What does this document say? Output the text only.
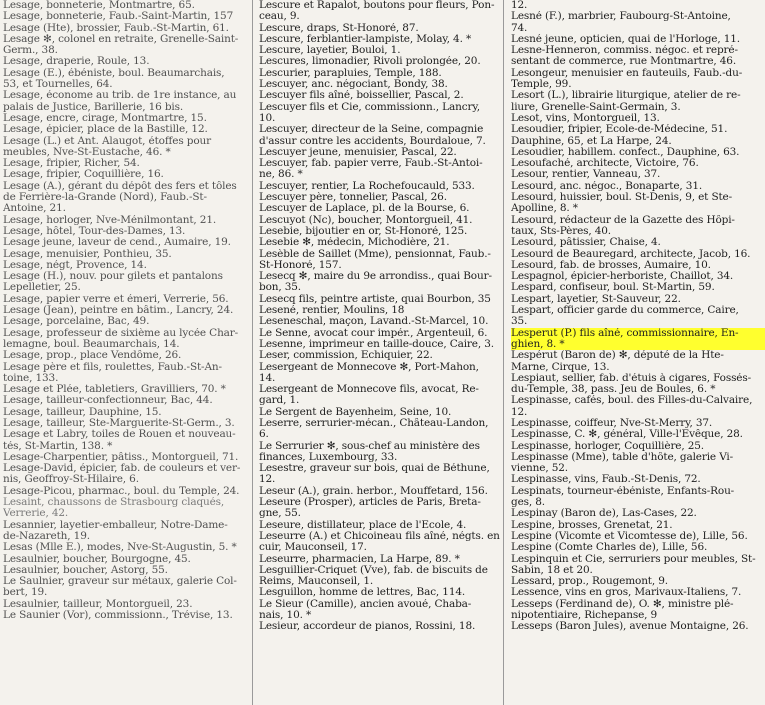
Lesage, bonneterie, Montmartre, 65.
Lesage, bonneterie, Faub.-Saint-Martin, 157
Lesage (Hte), brossier, Faub.-St-Martin, 61.
Lesage ✻, colonel en retraite, Grenelle-Saint-
Germ., 38.
Lesage, draperie, Roule, 13.
Lesage (E.), ébéniste, boul. Beaumarchais,
53, et Tournelles, 64.
Lesage, économe au trib. de 1re instance, au
palais de Justice, Barillerie, 16 bis.
Lesage, encre, cirage, Montmartre, 15.
Lesage, épicier, place de la Bastille, 12.
Lesage (L.) et Ant. Alaugot, étoffes pour
meubles, Nve-St-Eustache, 46. *
Lesage, fripier, Richer, 54.
Lesage, fripier, Coquillière, 16.
Lesage (A.), gérant du dépôt des fers et tôles
de Ferrière-la-Grande (Nord), Faub.-St-
Antoine, 21.
Lesage, horloger, Nve-Ménilmontant, 21.
Lesage, hôtel, Tour-des-Dames, 13.
Lesage jeune, laveur de cend., Aumaire, 19.
Lesage, menuisier, Ponthieu, 35.
Lesage, négt, Provence, 14.
Lesage (H.), nouv. pour gilets et pantalons
Lepelletier, 25.
Lesage, papier verre et émeri, Verrerie, 56.
Lesage (Jean), peintre en bâtim., Lancry, 24.
Lesage, porcelaine, Bac, 49.
Lesage, professeur de sixième au lycée Char-
lemagne, boul. Beaumarchais, 14.
Lesage, prop., place Vendôme, 26.
Lesage père et fils, roulettes, Faub.-St-An-
toine, 133.
Lesage et Plée, tabletiers, Gravilliers, 70. *
Lesage, tailleur-confectionneur, Bac, 44.
Lesage, tailleur, Dauphine, 15.
Lesage, tailleur, Ste-Marguerite-St-Germ., 3.
Lesage et Labry, toiles de Rouen et nouveau-
tés, St-Martin, 138. *
Lesage-Charpentier, pâtiss., Montorgueil, 71.
Lesage-David, épicier, fab. de couleurs et ver-
nis, Geoffroy-St-Hilaire, 6.
Lesage-Picou, pharmac., boul. du Temple, 24.
Lesaint, chaussons de Strasbourg claqués,
Verrerie, 42.
Lesannier, layetier-emballeur, Notre-Dame-
de-Nazareth, 19.
Lesas (Mlle E.), modes, Nve-St-Augustin, 5. *
Lesaulnier, boucher, Bourgogne, 45.
Lesaulnier, boucher, Astorg, 55.
Le Saulnier, graveur sur métaux, galerie Col-
bert, 19.
Lesaulnier, tailleur, Montorgueil, 23.
Le Saunier (Vor), commissionn., Trévise, 13.
Lescure et Rapalot, boutons pour fleurs, Pon-
ceau, 9.
Lescure, draps, St-Honoré, 87.
Lescure, ferblantier-lampiste, Molay, 4. *
Lescure, layetier, Bouloi, 1.
Lescures, limonadier, Rivoli prolongée, 20.
Lescurier, parapluies, Temple, 188.
Lescuyer, anc. négociant, Bondy, 38.
Lescuyer fils aîné, boissellier, Pascal, 2.
Lescuyer fils et Cie, commissionn., Lancry,
10.
Lescuyer, directeur de la Seine, compagnie
d'assur contre les accidents, Bourdaloue, 7.
Lescuyer jeune, menuisier, Pascal, 22.
Lescuyer, fab. papier verre, Faub.-St-Antoi-
ne, 86. *
Lescuyer, rentier, La Rochefoucauld, 533.
Lescuyer père, tonnelier, Pascal, 26.
Lescuyer de Laplace, pl. de la Bourse, 6.
Lescuyot (Nc), boucher, Montorgueil, 41.
Lesebie, bijoutier en or, St-Honoré, 125.
Lesebie ✻, médecin, Michodière, 21.
Lesèble de Saillet (Mme), pensionnat, Faub.-
St-Honoré, 157.
Lesecq ✻, maire du 9e arrondiss., quai Bour-
bon, 35.
Lesecq fils, peintre artiste, quai Bourbon, 35
Lesené, rentier, Moulins, 18
Leseneschal, maçon, Lavand.-St-Marcel, 10.
Le Senne, avocat cour impér., Argenteuil, 6.
Lesenne, imprimeur en taille-douce, Caire, 3.
Leser, commission, Echiquier, 22.
Lesergeant de Monnecove ✻, Port-Mahon,
14.
Lesergeant de Monnecove fils, avocat, Re-
gard, 1.
Le Sergent de Bayenheim, Seine, 10.
Leserre, serrurier-mécan., Château-Landon,
6.
Le Serrurier ✻, sous-chef au ministère des
finances, Luxembourg, 33.
Lesestre, graveur sur bois, quai de Béthune,
12.
Leseur (A.), grain. herbor., Mouffetard, 156.
Leseure (Prosper), articles de Paris, Breta-
gne, 55.
Leseure, distillateur, place de l'Ecole, 4.
Leseurre (A.) et Chicoineau fils aîné, négts. en
cuir, Mauconseil, 17.
Leseurre, pharmacien, La Harpe, 89. *
Lesguillier-Criquet (Vve), fab. de biscuits de
Reims, Mauconseil, 1.
Lesguillon, homme de lettres, Bac, 114.
Le Sieur (Camille), ancien avoué, Chaba-
nais, 10. *
Lesieur, accordeur de pianos, Rossini, 18.
12.
Lesné (F.), marbrier, Faubourg-St-Antoine,
74.
Lesné jeune, opticien, quai de l'Horloge, 11.
Lesne-Henneron, commiss. négoc. et repré-
sentant de commerce, rue Montmartre, 46.
Lesongeur, menuisier en fauteuils, Faub.-du-
Temple, 99.
Lesort (L.), librairie liturgique, atelier de re-
liure, Grenelle-Saint-Germain, 3.
Lesot, vins, Montorgueil, 13.
Lesoudier, fripier, Ecole-de-Médecine, 51.
Dauphine, 65, et La Harpe, 24.
Lesoudier, habillem. confect., Dauphine, 63.
Lesoufaché, architecte, Victoire, 76.
Lesour, rentier, Vanneau, 37.
Lesourd, anc. négoc., Bonaparte, 31.
Lesourd, huissier, boul. St-Denis, 9, et Ste-
Apolline, 8. *
Lesourd, rédacteur de la Gazette des Hôpi-
taux, Sts-Pères, 40.
Lesourd, pâtissier, Chaise, 4.
Lesourd de Beauregard, architecte, Jacob, 16.
Lesourd, fab. de brosses, Aumaire, 10.
Lespagnol, épicier-herboriste, Chaillot, 34.
Lespard, confiseur, boul. St-Martin, 59.
Lespart, layetier, St-Sauveur, 22.
Lespart, officier garde du commerce, Caire,
35.
Lesperut (P.) fils aîné, commissionnaire, En-
ghien, 8. *
Lespérut (Baron de) ✻, député de la Hte-
Marne, Cirque, 13.
Lespiaut, sellier, fab. d'étuis à cigares, Fossés-
du-Temple, 38, pass. Jeu de Boules, 6. *
Lespinasse, cafés, boul. des Filles-du-Calvaire,
12.
Lespinasse, coiffeur, Nve-St-Merry, 37.
Lespinasse, C. ✻, général, Ville-l'Évêque, 28.
Lespinasse, horloger, Coquillière, 25.
Lespinasse (Mme), table d'hôte, galerie Vi-
vienne, 52.
Lespinasse, vins, Faub.-St-Denis, 72.
Lespinats, tourneur-ébéniste, Enfants-Rou-
ges, 8.
Lespinay (Baron de), Las-Cases, 22.
Lespine, brosses, Grenetat, 21.
Lespine (Vicomte et Vicomtesse de), Lille, 56.
Lespine (Comte Charles de), Lille, 56.
Lespinquin et Cie, serruriers pour meubles, St-
Sabin, 18 et 20.
Lessard, prop., Rougemont, 9.
Lessence, vins en gros, Marivaux-Italiens, 7.
Lesseps (Ferdinand de), O. ✻, ministre plé-
nipotentiaire, Richepanse, 9
Lesseps (Baron Jules), avenue Montaigne, 26.
